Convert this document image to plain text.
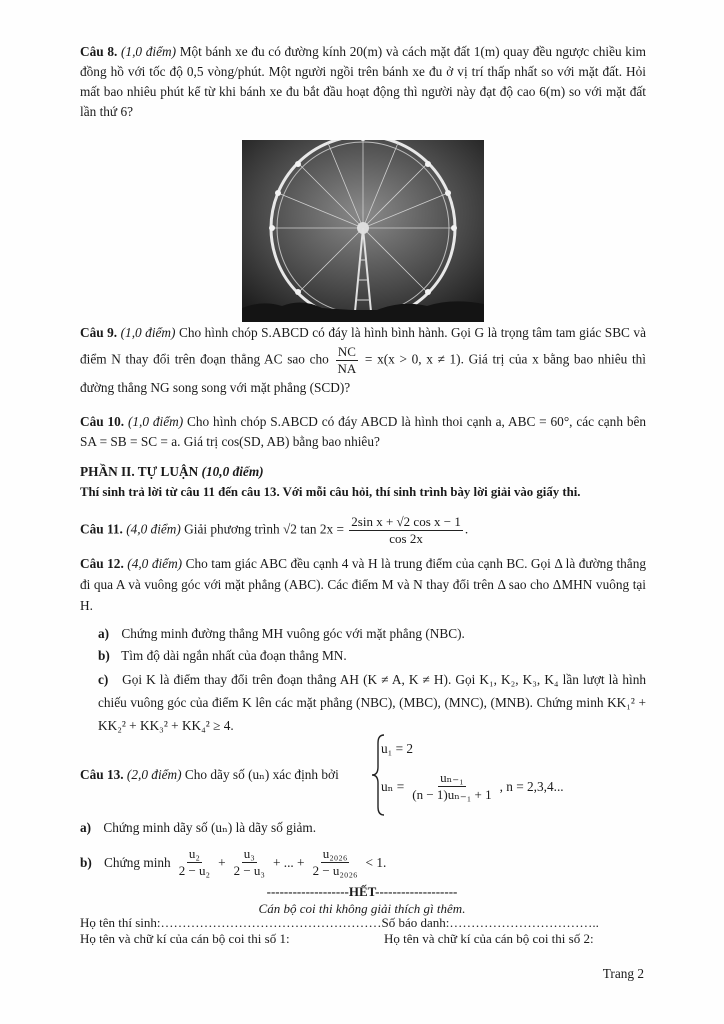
Câu 8. (1,0 điểm) Một bánh xe đu có đường kính 20(m) và cách mặt đất 1(m) quay đều ngược chiều kim đồng hồ với tốc độ 0,5 vòng/phút. Một người ngồi trên bánh xe đu ở vị trí thấp nhất so với mặt đất. Hỏi mất bao nhiêu phút kể từ khi bánh xe đu bắt đầu hoạt động thì người này đạt độ cao 6(m) so với mặt đất lần thứ 6?
Câu 9. (1,0 điểm) Cho hình chóp S.ABCD có đáy là hình bình hành. Gọi G là trọng tâm tam giác SBC và điểm N thay đổi trên đoạn thẳng AC sao cho $\frac{NC}{NA} = x(x > 0$, x ≠ 1). Giá trị của x bằng bao nhiêu thì đường thẳng NG song song với mặt phẳng (SCD)?
Câu 10. (1,0 điểm) Cho hình chóp S.ABCD có đáy ABCD là hình thoi cạnh a, ABC = 60°, các cạnh bên SA = SB = SC = a. Giá trị cos(SD, AB) bằng bao nhiêu?
PHẦN II. TỰ LUẬN (10,0 điểm)
Thí sinh trả lời từ câu 11 đến câu 13. Với mỗi câu hỏi, thí sinh trình bày lời giải vào giấy thi.
Câu 11. (4,0 điểm) Giải phương trình √2 $\tan 2x = \frac{\text{2sin x + √2 cos x − 1}}{\cos 2x}$ .
Câu 12. (4,0 điểm) Cho tam giác ABC đều cạnh 4 và H là trung điểm của cạnh BC. Gọi Δ là đường thẳng đi qua A và vuông góc với mặt phẳng (ABC). Các điểm M và N thay đổi trên Δ sao cho ΔMHN vuông tại H.
a) Chứng minh đường thẳng MH vuông góc với mặt phẳng (NBC).
b) Tìm độ dài ngắn nhất của đoạn thẳng MN.
c) Gọi K là điểm thay đổi trên đoạn thẳng AH (K ≠ A, K ≠ H). Gọi K₁, K₂, K₃, K₄ lần lượt là hình chiếu vuông góc của điểm K lên các mặt phẳng (NBC), (MBC), (MNC), (MNB). Chứng minh KK₁² + KK₂² + KK₃² + KK₄² ≥ 4.
Câu 13. (2,0 điểm) Cho dãy số (uₙ) xác định bởi
u₁ = 2
$u_n = \frac{\text{uₙ₋₁}}{\text{(n − 1)uₙ₋₁ + 1}}$ , n = 2,3,4...
a) Chứng minh dãy số (uₙ) là dãy số giảm.
b) Chứng minh $\frac{\text{u₂}}{\text{2 − u₂}} + \frac{\text{u₃}}{\text{2 − u₃}}$ + ... + $\frac{\text{u₂₀₂₆}}{\text{2 − u₂₀₂₆}} < 1$.
-------------------HẾT-------------------
Cán bộ coi thi không giải thích gì thêm.
Họ tên thí sinh:……………………………………………Số báo danh:……………………………..
Họ tên và chữ kí của cán bộ coi thi số 1:	Họ tên và chữ kí của cán bộ coi thi số 2:
Trang 2
